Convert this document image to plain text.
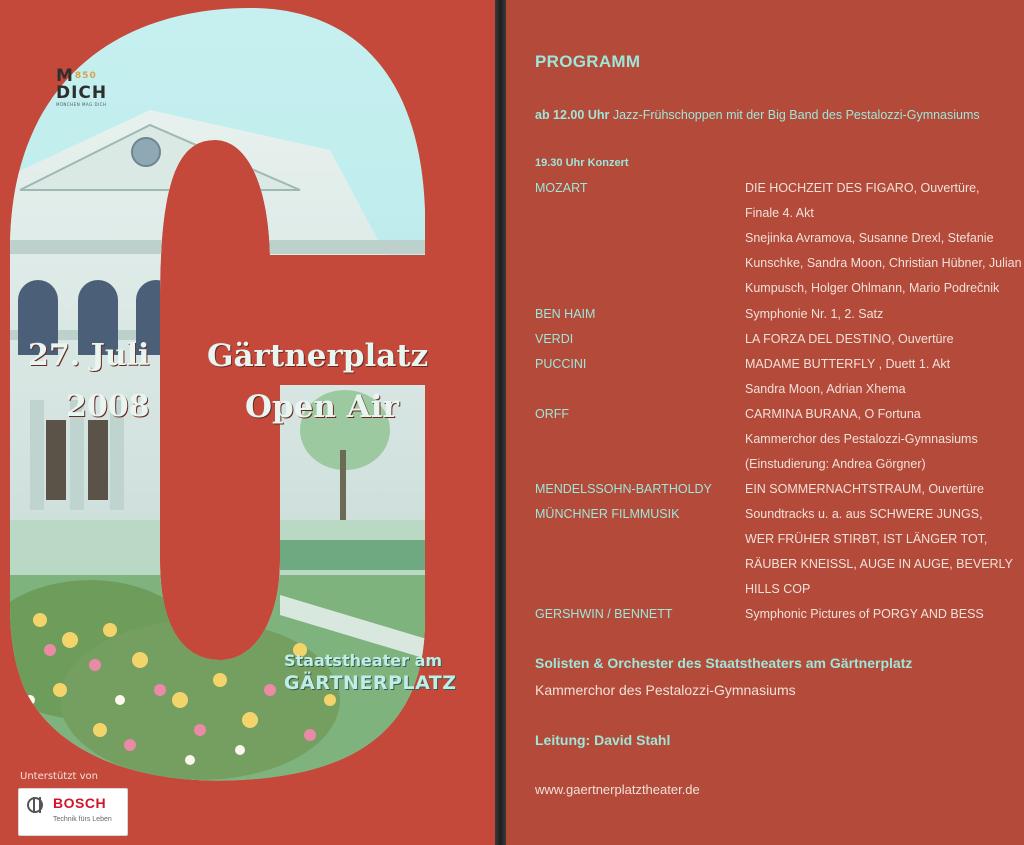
$M^{850}$
DICH
MÜNCHEN MAG DICH
27. Juli
2008
Gärtnerplatz
Open Air
Staatstheater am
GÄRTNERPLATZ
Unterstützt von
BOSCH
Technik fürs Leben
PROGRAMM
ab 12.00 Uhr Jazz-Frühschoppen mit der Big Band des Pestalozzi-Gymnasiums
19.30 Uhr Konzert
MOZART	DIE HOCHZEIT DES FIGARO, Ouvertüre,
Finale 4. Akt
Snejinka Avramova, Susanne Drexl, Stefanie
Kunschke, Sandra Moon, Christian Hübner, Julian
Kumpusch, Holger Ohlmann, Mario Podrečnik
BEN HAIM	Symphonie Nr. 1, 2. Satz
VERDI	LA FORZA DEL DESTINO, Ouvertüre
PUCCINI	MADAME BUTTERFLY , Duett 1. Akt
Sandra Moon, Adrian Xhema
ORFF	CARMINA BURANA, O Fortuna
Kammerchor des Pestalozzi-Gymnasiums
(Einstudierung: Andrea Görgner)
MENDELSSOHN-BARTHOLDY	EIN SOMMERNACHTSTRAUM, Ouvertüre
MÜNCHNER FILMMUSIK	Soundtracks u. a. aus SCHWERE JUNGS,
WER FRÜHER STIRBT, IST LÄNGER TOT,
RÄUBER KNEISSL, AUGE IN AUGE, BEVERLY
HILLS COP
GERSHWIN / BENNETT	Symphonic Pictures of PORGY AND BESS
Solisten & Orchester des Staatstheaters am Gärtnerplatz
Kammerchor des Pestalozzi-Gymnasiums
Leitung: David Stahl
www.gaertnerplatztheater.de
